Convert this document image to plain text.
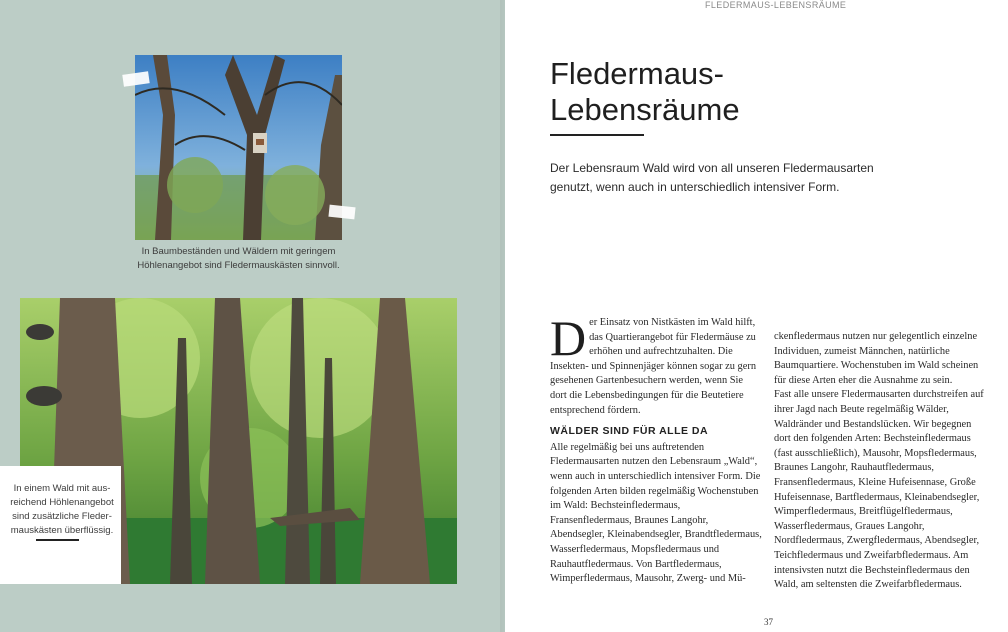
In Baumbeständen und Wäldern mit geringem Höhlenangebot sind Fledermauskästen sinnvoll.
In einem Wald mit ausreichend Höhlenangebot sind zusätzliche Fledermauskästen überflüssig.
FLEDERMAUS-LEBENSRÄUME
Fledermaus-
Lebensräume
Der Lebensraum Wald wird von all unseren Fledermausarten genutzt, wenn auch in unterschiedlich intensiver Form.

Der Einsatz von Nistkästen im Wald hilft, das Quartierangebot für Fledermäuse zu erhöhen und aufrechtzuhalten. Die Insekten- und Spinnenjäger können sogar zu gern gesehenen Gartenbesuchern werden, wenn Sie dort die Lebensbedingungen für die Beutetiere entsprechend fördern.

WÄLDER SIND FÜR ALLE DA

Alle regelmäßig bei uns auftretenden Fledermausarten nutzen den Lebensraum „Wald“, wenn auch in unterschiedlich intensiver Form. Die folgenden Arten bilden regelmäßig Wochenstuben im Wald: Bechsteinfledermaus, Fransenfledermaus, Braunes Langohr, Abendsegler, Kleinabendsegler, Brandtfledermaus, Wasserfledermaus, Mopsfledermaus und Rauhautfledermaus. Von Bartfledermaus, Wimperfledermaus, Mausohr, Zwerg- und Mü-

ckenfledermaus nutzen nur gelegentlich einzelne Individuen, zumeist Männchen, natürliche Baumquartiere. Wochenstuben im Wald scheinen für diese Arten eher die Ausnahme zu sein.

Fast alle unsere Fledermausarten durchstreifen auf ihrer Jagd nach Beute regelmäßig Wälder, Waldränder und Bestandslücken. Wir begegnen dort den folgenden Arten: Bechsteinfledermaus (fast ausschließlich), Mausohr, Mopsfledermaus, Braunes Langohr, Rauhautfledermaus, Fransenfledermaus, Kleine Hufeisennase, Große Hufeisennase, Bartfledermaus, Kleinabendsegler, Wimperfledermaus, Breitflügelfledermaus, Wasserfledermaus, Graues Langohr, Nordfledermaus, Zwergfledermaus, Abendsegler, Teichfledermaus und Zweifarbfledermaus. Am intensivsten nutzt die Bechsteinfledermaus den Wald, am seltensten die Zweifarbfledermaus.

37
